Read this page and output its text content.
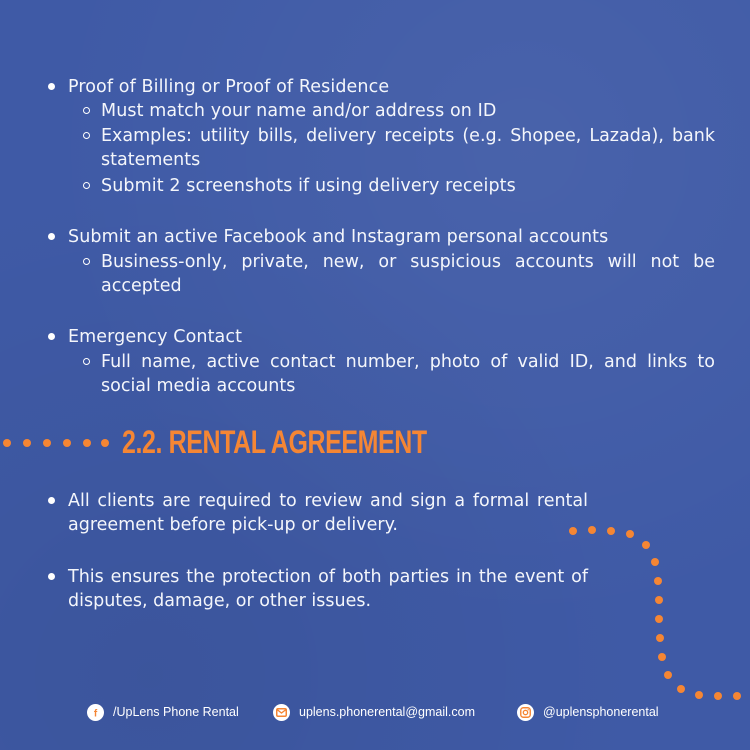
Proof of Billing or Proof of Residence
Must match your name and/or address on ID
Examples: utility bills, delivery receipts (e.g. Shopee, Lazada), bank statements
Submit 2 screenshots if using delivery receipts
Submit an active Facebook and Instagram personal accounts
Business-only, private, new, or suspicious accounts will not be accepted
Emergency Contact
Full name, active contact number, photo of valid ID, and links to social media accounts
2.2. RENTAL AGREEMENT
All clients are required to review and sign a formal rental agreement before pick-up or delivery.
This ensures the protection of both parties in the event of disputes, damage, or other issues.
f /UpLens Phone Rental	uplens.phonerental@gmail.com	@uplensphonerental
